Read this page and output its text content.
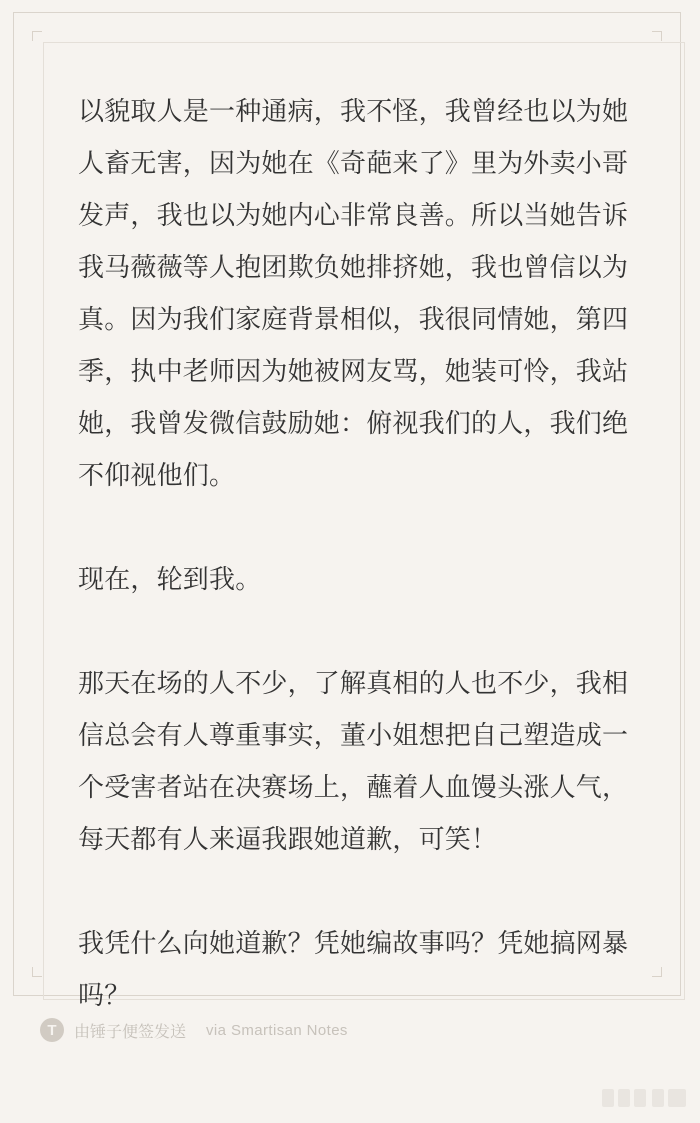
以貌取人是一种通病，我不怪，我曾经也以为她人畜无害，因为她在《奇葩来了》里为外卖小哥发声，我也以为她内心非常良善。所以当她告诉我马薇薇等人抱团欺负她排挤她，我也曾信以为真。因为我们家庭背景相似，我很同情她，第四季，执中老师因为她被网友骂，她装可怜，我站她，我曾发微信鼓励她：俯视我们的人，我们绝不仰视他们。

现在，轮到我。

那天在场的人不少，了解真相的人也不少，我相信总会有人尊重事实，董小姐想把自己塑造成一个受害者站在决赛场上，蘸着人血馒头涨人气，每天都有人来逼我跟她道歉，可笑！

我凭什么向她道歉？凭她编故事吗？凭她搞网暴吗？

T	由锤子便签发送 via Smartisan Notes
